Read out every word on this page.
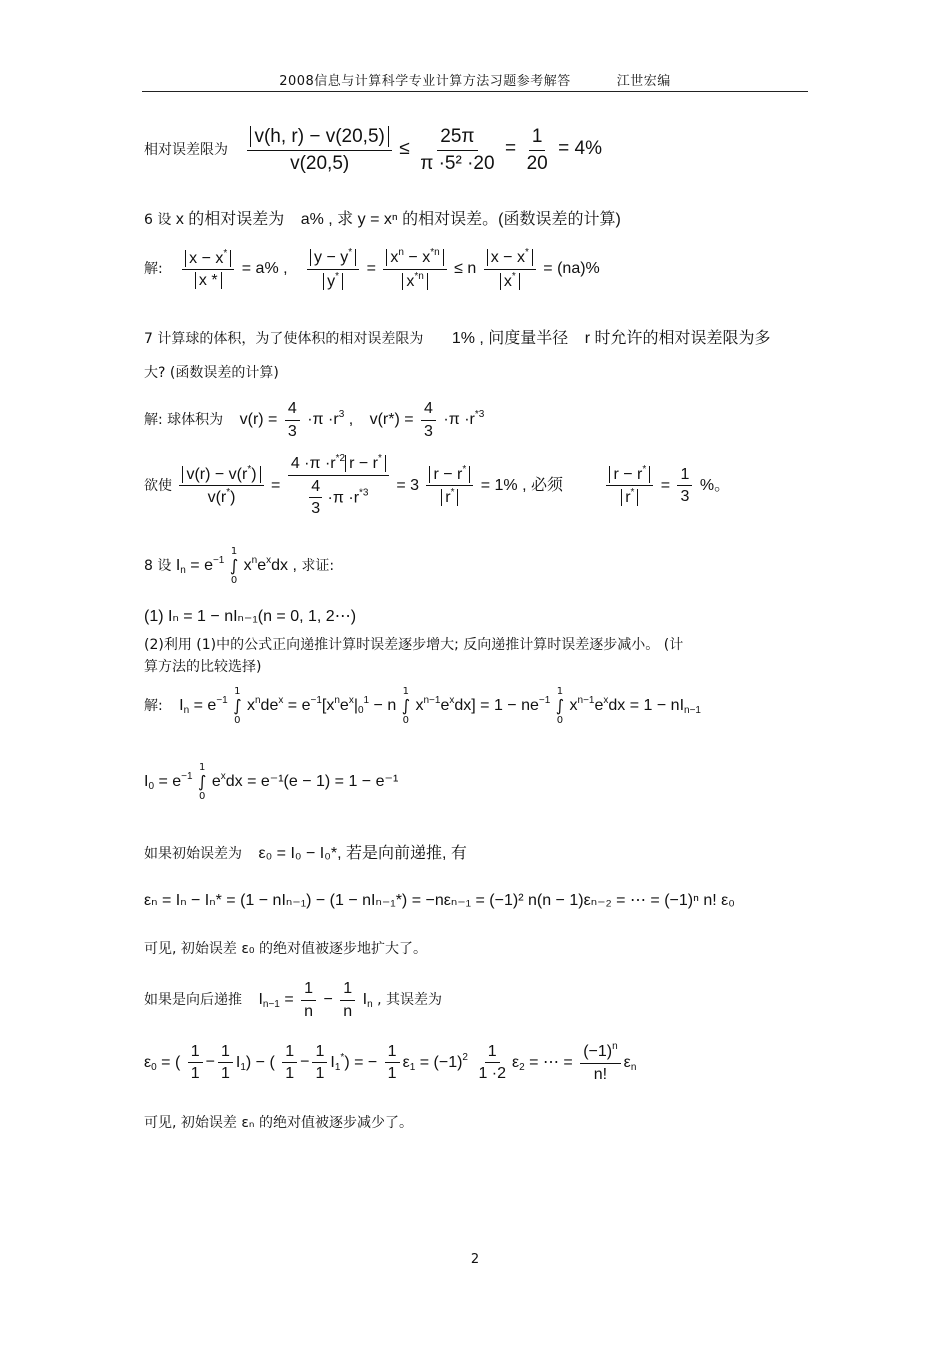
2008信息与计算科学专业计算方法习题参考解答	江世宏编
相对误差限为 $\frac{v(h, r) - v(20,5)}{v(20,5)} \le \frac{25\pi}{\text{π ·5² ·20}} = \frac{1}{20} = 4\%$
6 设 x 的相对误差为 a% , 求 y = xⁿ 的相对误差。(函数误差的计算)
解: $\frac{x - x^*}{x *} = a\%$ , $\frac{y - y^*}{y^*} = \frac{x^n - x^{*n}}{x^{*n}} \le n \frac{x - x^*}{x^*} = (na)\%$
7 计算球的体积，为了使体积的相对误差限为 1% , 问度量半径 r 时允许的相对误差限为多
大? (函数误差的计算)
解: 球体积为 $v(r) = \frac{4}{3} \cdot\pi \cdot r^3$ , $v(r*) = \frac{4}{3} \cdot\pi \cdot r^{*3}$
欲使 $\frac{v(r) - v(r^*)}{v(r^*)} = \frac{4 \cdot\pi \cdot r^{*2} r - r^*}{\frac{4}{3} \cdot\pi \cdot r^{*3}} = 3 \frac{r - r^*}{r^*} = 1\%$ , 必须	$\frac{r - r^*}{r^*} = \frac{1}{3}$ %。
8 设 $I_n = e^{-1}$
1
∫
0
$x^ne^xdx$ , 求证:
(1) Iₙ = 1 − nIₙ₋₁(n = 0, 1, 2⋯)
(2)利用 (1)中的公式正向递推计算时误差逐步增大; 反向递推计算时误差逐步减小。 (计
算方法的比较选择)
解: $I_n = e^{-1}$
1
∫
0
$x^nde^x = e^{-1}[x^ne^x|_0^1 - n$
1
∫
0
$x^{n-1}e^xdx] = 1 - ne^{-1}$
1
∫
0
$x^{n-1}e^xdx = 1 - nI_{n-1}$
$I_0 = e^{-1}$
1
∫
0
$e^xdx = e^{-1}(e - 1) = 1 - e^{-1}$
如果初始误差为 ε₀ = I₀ − I₀*, 若是向前递推, 有
εₙ = Iₙ − Iₙ* = (1 − nIₙ₋₁) − (1 − nIₙ₋₁*) = −nεₙ₋₁ = (−1)² n(n − 1)εₙ₋₂ = ⋯ = (−1)ⁿ n! ε₀
可见, 初始误差 ε₀ 的绝对值被逐步地扩大了。
如果是向后递推 $I_{n-1} = \frac{1}{n} - \frac{1}{n} I_n$ , 其误差为
$\varepsilon_0$ = ( $\frac{1}{1} - \frac{1}{1} I_1$) − ( $\frac{1}{1} - \frac{1}{1} I_1^*$) = − $\frac{1}{1} \varepsilon_1 = (-1)^2 \frac{1}{1 \cdot 2} \varepsilon_2$ = ⋯ = $\frac{(-1)^n}{n!} \varepsilon_n$
可见, 初始误差 εₙ 的绝对值被逐步减少了。
2
